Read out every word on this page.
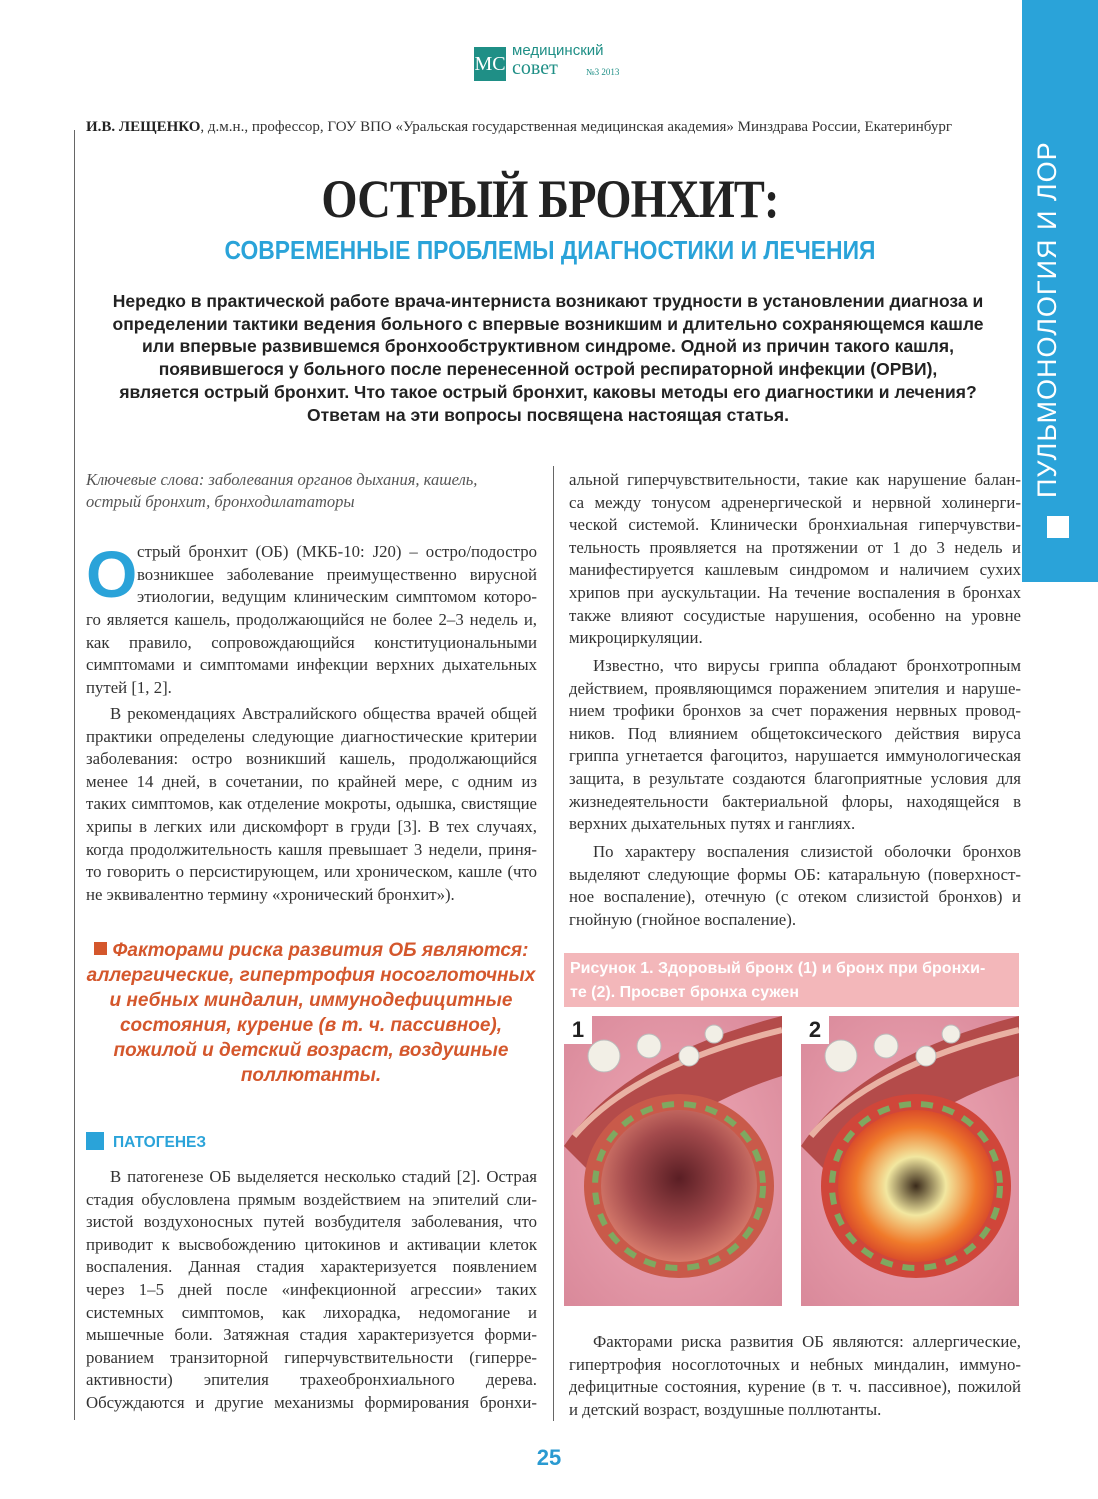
МС
медицинский
совет	№3 2013
И.В. ЛЕЩЕНКО, д.м.н., профессор, ГОУ ВПО «Уральская государственная медицинская академия» Минздрава России, Екатеринбург
ОСТРЫЙ БРОНХИТ:
СОВРЕМЕННЫЕ ПРОБЛЕМЫ ДИАГНОСТИКИ И ЛЕЧЕНИЯ
Нередко в практической работе врача-интерниста возникают трудности в установлении диагноза и
определении тактики ведения больного с впервые возникшим и длительно сохраняющемся кашле
или впервые развившемся бронхообструктивном синдроме. Одной из причин такого кашля,
появившегося у больного после перенесенной острой респираторной инфекции (ОРВИ),
является острый бронхит. Что такое острый бронхит, каковы методы его диагностики и лечения?
Ответам на эти вопросы посвящена настоящая статья.	ПУЛЬМОНОЛОГИЯ И ЛОР
Ключевые слова: заболевания органов дыхания, кашель,
острый бронхит, бронходилататоры
О стрый бронхит (ОБ) (МКБ-10: J20) – остро/подостро
возникшее заболевание преимущественно вирусной
этиологии, ведущим клиническим симптомом которо-
го является кашель, продолжающийся не более 2–3 недель и,
как правило, сопровождающийся конституциональными
симптомами и симптомами инфекции верхних дыхательных
путей [1, 2].
В рекомендациях Австралийского общества врачей общей
практики определены следующие диагностические критерии
заболевания: остро возникший кашель, продолжающийся
менее 14 дней, в сочетании, по крайней мере, с одним из
таких симптомов, как отделение мокроты, одышка, свистящие
хрипы в легких или дискомфорт в груди [3]. В тех случаях,
когда продолжительность кашля превышает 3 недели, приня-
то говорить о персистирующем, или хроническом, кашле (что
не эквивалентно термину «хронический бронхит»).
Факторами риска развития ОБ являются:
аллергические, гипертрофия носоглоточных
и небных миндалин, иммунодефицитные
состояния, курение (в т. ч. пассивное),
пожилой и детский возраст, воздушные
поллютанты.
ПАТОГЕНЕЗ
В патогенезе ОБ выделяется несколько стадий [2]. Острая
стадия обусловлена прямым воздействием на эпителий сли-
зистой воздухоносных путей возбудителя заболевания, что
приводит к высвобождению цитокинов и активации клеток
воспаления. Данная стадия характеризуется появлением
через 1–5 дней после «инфекционной агрессии» таких
системных симптомов, как лихорадка, недомогание и
мышечные боли. Затяжная стадия характеризуется форми-
рованием транзиторной гиперчувствительности (гиперре-
активности) эпителия трахеобронхиального дерева.
Обсуждаются и другие механизмы формирования бронхи-
альной гиперчувствительности, такие как нарушение балан-
са между тонусом адренергической и нервной холинерги-
ческой системой. Клинически бронхиальная гиперчувстви-
тельность проявляется на протяжении от 1 до 3 недель и
манифестируется кашлевым синдромом и наличием сухих
хрипов при аускультации. На течение воспаления в бронхах
также влияют сосудистые нарушения, особенно на уровне
микроциркуляции.
Известно, что вирусы гриппа обладают бронхотропным
действием, проявляющимся поражением эпителия и наруше-
нием трофики бронхов за счет поражения нервных провод-
ников. Под влиянием общетоксического действия вируса
гриппа угнетается фагоцитоз, нарушается иммунологическая
защита, в результате создаются благоприятные условия для
жизнедеятельности бактериальной флоры, находящейся в
верхних дыхательных путях и ганглиях.
По характеру воспаления слизистой оболочки бронхов
выделяют следующие формы ОБ: катаральную (поверхност-
ное воспаление), отечную (с отеком слизистой бронхов) и
гнойную (гнойное воспаление).
Рисунок 1. Здоровый бронх (1) и бронх при бронхи-
те (2). Просвет бронха сужен
1	2
Факторами риска развития ОБ являются: аллергические,
гипертрофия носоглоточных и небных миндалин, иммуно-
дефицитные состояния, курение (в т. ч. пассивное), пожилой
и детский возраст, воздушные поллютанты.
25
